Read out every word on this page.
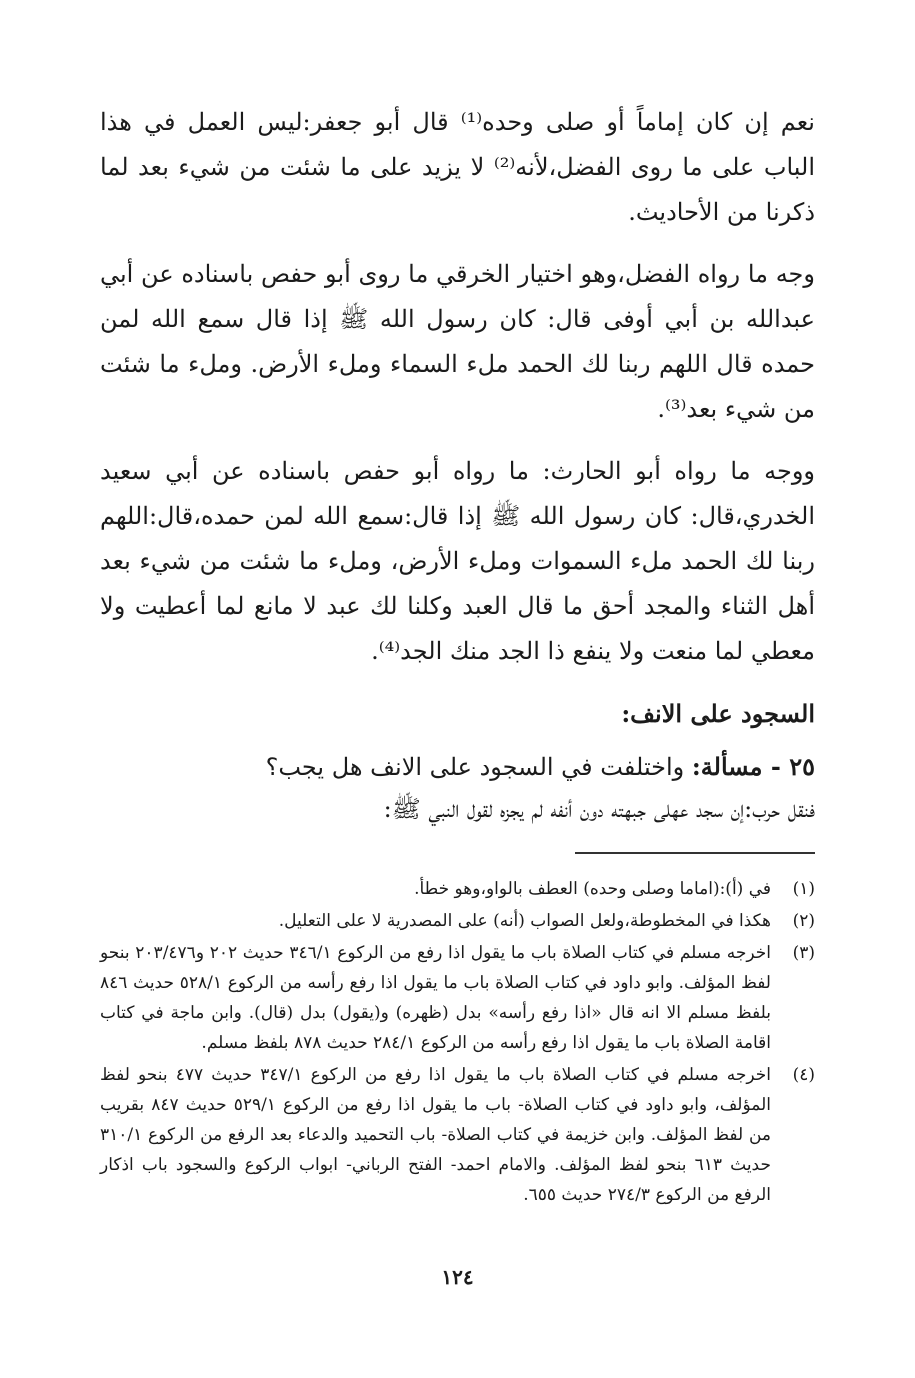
نعم إن كان إماماً أو صلى وحده⁽¹⁾ قال أبو جعفر:ليس العمل في هذا الباب على ما روى الفضل،لأنه⁽²⁾ لا يزيد على ما شئت من شيء بعد لما ذكرنا من الأحاديث.

وجه ما رواه الفضل،وهو اختيار الخرقي ما روى أبو حفص باسناده عن أبي عبدالله بن أبي أوفى قال: كان رسول الله ﷺ إذا قال سمع الله لمن حمده قال اللهم ربنا لك الحمد ملء السماء وملء الأرض. وملء ما شئت من شيء بعد⁽³⁾.

ووجه ما رواه أبو الحارث: ما رواه أبو حفص باسناده عن أبي سعيد الخدري،قال: كان رسول الله ﷺ إذا قال:سمع الله لمن حمده،قال:اللهم ربنا لك الحمد ملء السموات وملء الأرض، وملء ما شئت من شيء بعد أهل الثناء والمجد أحق ما قال العبد وكلنا لك عبد لا مانع لما أعطيت ولا معطي لما منعت ولا ينفع ذا الجد منك الجد⁽⁴⁾.

السجود على الانف:

٢٥ - مسألة: واختلفت في السجود على الانف هل يجب؟

فنقل حرب:إن سجد عهلى جبهته دون أنفه لم يجزه لقول النبي ﷺ:

(١)
في (أ):(اماما وصلى وحده) العطف بالواو،وهو خطأ.
(٢)
هكذا في المخطوطة،ولعل الصواب (أنه) على المصدرية لا على التعليل.
(٣)
اخرجه مسلم في كتاب الصلاة باب ما يقول اذا رفع من الركوع ٣٤٦/١ حديث ٢٠٢ و٢٠٣/٤٧٦ بنحو لفظ المؤلف. وابو داود في كتاب الصلاة باب ما يقول اذا رفع رأسه من الركوع ٥٢٨/١ حديث ٨٤٦ بلفظ مسلم الا انه قال «اذا رفع رأسه» بدل (ظهره) و(يقول) بدل (قال). وابن ماجة في كتاب اقامة الصلاة باب ما يقول اذا رفع رأسه من الركوع ٢٨٤/١ حديث ٨٧٨ بلفظ مسلم.
(٤)
اخرجه مسلم في كتاب الصلاة باب ما يقول اذا رفع من الركوع ٣٤٧/١ حديث ٤٧٧ بنحو لفظ المؤلف، وابو داود في كتاب الصلاة- باب ما يقول اذا رفع من الركوع ٥٢٩/١ حديث ٨٤٧ بقريب من لفظ المؤلف. وابن خزيمة في كتاب الصلاة- باب التحميد والدعاء بعد الرفع من الركوع ٣١٠/١ حديث ٦١٣ بنحو لفظ المؤلف. والامام احمد- الفتح الرباني- ابواب الركوع والسجود باب اذكار الرفع من الركوع ٢٧٤/٣ حديث ٦٥٥.
١٢٤
